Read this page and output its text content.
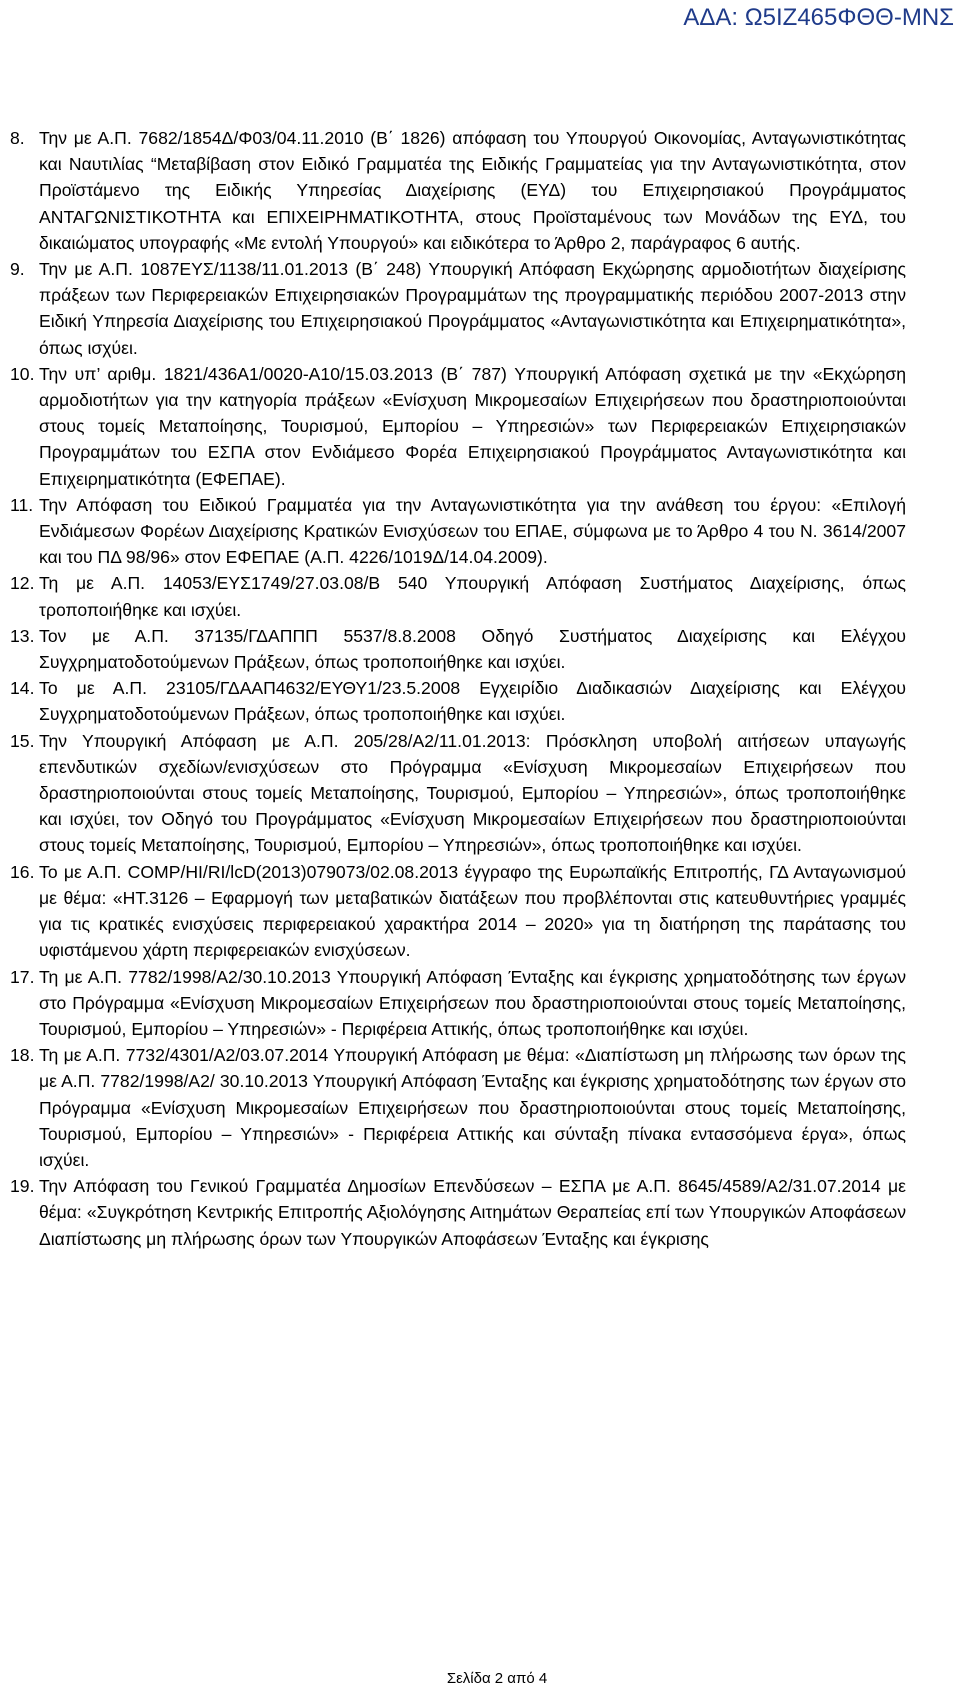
ΑΔΑ: Ω5ΙΖ465ΦΘΘ-ΜΝΣ
8. Την με Α.Π. 7682/1854Δ/Φ03/04.11.2010 (Β΄ 1826) απόφαση του Υπουργού Οικονομίας, Ανταγωνιστικότητας και Ναυτιλίας “Μεταβίβαση στον Ειδικό Γραμματέα της Ειδικής Γραμματείας για την Ανταγωνιστικότητα, στον Προϊστάμενο της Ειδικής Υπηρεσίας Διαχείρισης (ΕΥΔ) του Επιχειρησιακού Προγράμματος ΑΝΤΑΓΩΝΙΣΤΙΚΟΤΗΤΑ και ΕΠΙΧΕΙΡΗΜΑΤΙΚΟΤΗΤΑ, στους Προϊσταμένους των Μονάδων της ΕΥΔ, του δικαιώματος υπογραφής «Με εντολή Υπουργού» και ειδικότερα το Άρθρο 2, παράγραφος 6 αυτής.
9. Την με Α.Π. 1087ΕΥΣ/1138/11.01.2013 (Β΄ 248) Υπουργική Απόφαση Εκχώρησης αρμοδιοτήτων διαχείρισης πράξεων των Περιφερειακών Επιχειρησιακών Προγραμμάτων της προγραμματικής περιόδου 2007-2013 στην Ειδική Υπηρεσία Διαχείρισης του Επιχειρησιακού Προγράμματος «Ανταγωνιστικότητα και Επιχειρηματικότητα», όπως ισχύει.
10. Την υπ’ αριθμ. 1821/436Α1/0020-Α10/15.03.2013 (Β΄ 787) Υπουργική Απόφαση σχετικά με την «Εκχώρηση αρμοδιοτήτων για την κατηγορία πράξεων «Ενίσχυση Μικρομεσαίων Επιχειρήσεων που δραστηριοποιούνται στους τομείς Μεταποίησης, Τουρισμού, Εμπορίου – Υπηρεσιών» των Περιφερειακών Επιχειρησιακών Προγραμμάτων του ΕΣΠΑ στον Ενδιάμεσο Φορέα Επιχειρησιακού Προγράμματος Ανταγωνιστικότητα και Επιχειρηματικότητα (ΕΦΕΠΑΕ).
11. Την Απόφαση του Ειδικού Γραμματέα για την Ανταγωνιστικότητα για την ανάθεση του έργου: «Επιλογή Ενδιάμεσων Φορέων Διαχείρισης Κρατικών Ενισχύσεων του ΕΠΑΕ, σύμφωνα με το Άρθρο 4 του Ν. 3614/2007 και του ΠΔ 98/96» στον ΕΦΕΠΑΕ (Α.Π. 4226/1019Δ/14.04.2009).
12. Τη με Α.Π. 14053/ΕΥΣ1749/27.03.08/Β 540 Υπουργική Απόφαση Συστήματος Διαχείρισης, όπως τροποποιήθηκε και ισχύει.
13. Τον με Α.Π. 37135/ΓΔΑΠΠΠ 5537/8.8.2008 Οδηγό Συστήματος Διαχείρισης και Ελέγχου Συγχρηματοδοτούμενων Πράξεων, όπως τροποποιήθηκε και ισχύει.
14. Το με Α.Π. 23105/ΓΔΑΑΠ4632/ΕΥΘΥ1/23.5.2008 Εγχειρίδιο Διαδικασιών Διαχείρισης και Ελέγχου Συγχρηματοδοτούμενων Πράξεων, όπως τροποποιήθηκε και ισχύει.
15. Την Υπουργική Απόφαση με Α.Π. 205/28/Α2/11.01.2013: Πρόσκληση υποβολή αιτήσεων υπαγωγής επενδυτικών σχεδίων/ενισχύσεων στο Πρόγραμμα «Ενίσχυση Μικρομεσαίων Επιχειρήσεων που δραστηριοποιούνται στους τομείς Μεταποίησης, Τουρισμού, Εμπορίου – Υπηρεσιών», όπως τροποποιήθηκε και ισχύει, τον Οδηγό του Προγράμματος «Ενίσχυση Μικρομεσαίων Επιχειρήσεων που δραστηριοποιούνται στους τομείς Μεταποίησης, Τουρισμού, Εμπορίου – Υπηρεσιών», όπως τροποποιήθηκε και ισχύει.
16. Το με Α.Π. COMP/HI/RI/lcD(2013)079073/02.08.2013 έγγραφο της Ευρωπαϊκής Επιτροπής, ΓΔ Ανταγωνισμού με θέμα: «ΗΤ.3126 – Εφαρμογή των μεταβατικών διατάξεων που προβλέπονται στις κατευθυντήριες γραμμές για τις κρατικές ενισχύσεις περιφερειακού χαρακτήρα 2014 – 2020» για τη διατήρηση της παράτασης του υφιστάμενου χάρτη περιφερειακών ενισχύσεων.
17. Τη με Α.Π. 7782/1998/Α2/30.10.2013 Υπουργική Απόφαση Ένταξης και έγκρισης χρηματοδότησης των έργων στο Πρόγραμμα «Ενίσχυση Μικρομεσαίων Επιχειρήσεων που δραστηριοποιούνται στους τομείς Μεταποίησης, Τουρισμού, Εμπορίου – Υπηρεσιών» - Περιφέρεια Αττικής, όπως τροποποιήθηκε και ισχύει.
18. Τη με Α.Π. 7732/4301/Α2/03.07.2014 Υπουργική Απόφαση με θέμα: «Διαπίστωση μη πλήρωσης των όρων της με Α.Π. 7782/1998/Α2/ 30.10.2013 Υπουργική Απόφαση Ένταξης και έγκρισης χρηματοδότησης των έργων στο Πρόγραμμα «Ενίσχυση Μικρομεσαίων Επιχειρήσεων που δραστηριοποιούνται στους τομείς Μεταποίησης, Τουρισμού, Εμπορίου – Υπηρεσιών» - Περιφέρεια Αττικής και σύνταξη πίνακα εντασσόμενα έργα», όπως ισχύει.
19. Την Απόφαση του Γενικού Γραμματέα Δημοσίων Επενδύσεων – ΕΣΠΑ με Α.Π. 8645/4589/Α2/31.07.2014 με θέμα: «Συγκρότηση Κεντρικής Επιτροπής Αξιολόγησης Αιτημάτων Θεραπείας επί των Υπουργικών Αποφάσεων Διαπίστωσης μη πλήρωσης όρων των Υπουργικών Αποφάσεων Ένταξης και έγκρισης
Σελίδα 2 από 4
